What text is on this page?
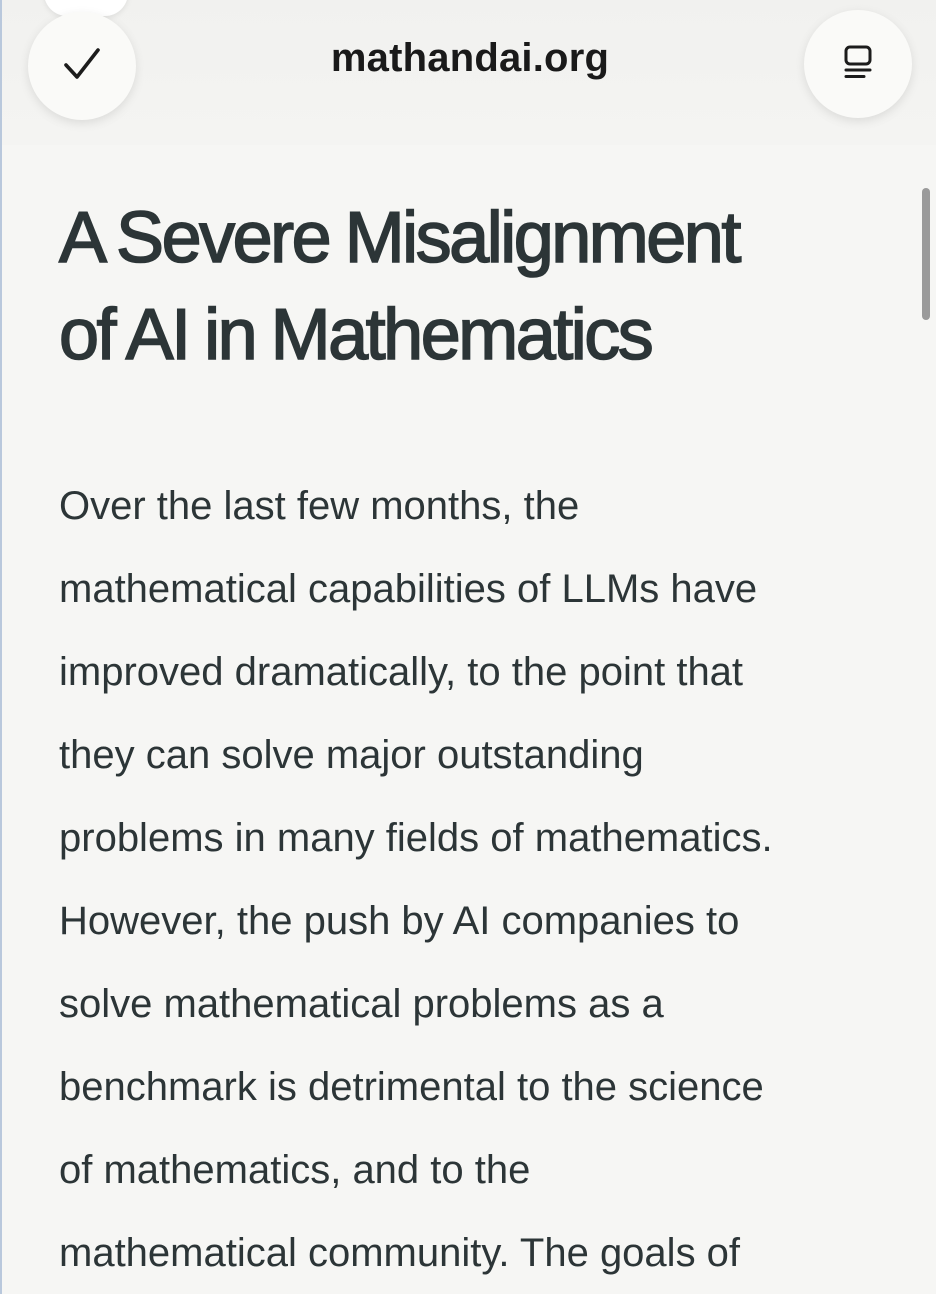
mathandai.org
A Severe Misalignment
of AI in Mathematics

Over the last few months, the
mathematical capabilities of LLMs have
improved dramatically, to the point that
they can solve major outstanding
problems in many fields of mathematics.
However, the push by AI companies to
solve mathematical problems as a
benchmark is detrimental to the science
of mathematics, and to the
mathematical community. The goals of
